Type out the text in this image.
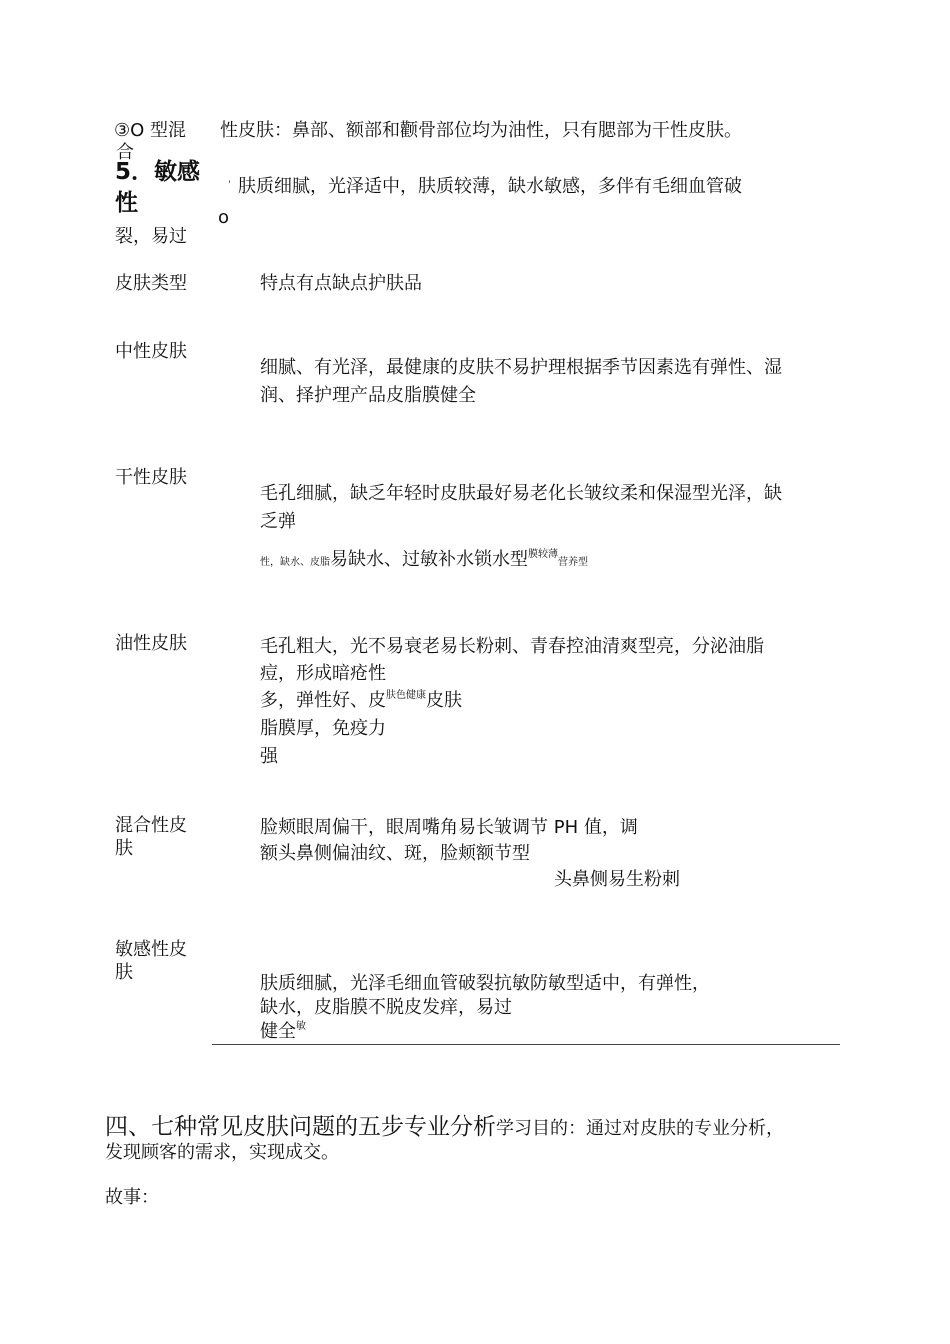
③O 型混
合
性皮肤：鼻部、额部和颧骨部位均为油性，只有腮部为干性皮肤。
5．敏感
性
ˈ 肤质细腻，光泽适中，肤质较薄，缺水敏感，多伴有毛细血管破
o
裂，易过
皮肤类型	特点有点缺点护肤品
中性皮肤
细腻、有光泽，最健康的皮肤不易护理根据季节因素选有弹性、湿
润、择护理产品皮脂膜健全
干性皮肤
毛孔细腻，缺乏年轻时皮肤最好易老化长皱纹柔和保湿型光泽，缺
乏弹
性，缺水、皮脂易缺水、过敏补水锁水型$^{膜较薄}$营养型
油性皮肤	毛孔粗大，光不易衰老易长粉刺、青春控油清爽型亮，分泌油脂
痘，形成暗疮性
多，弹性好、皮$^{肤色健康}$皮肤
脂膜厚，免疫力
强
混合性皮
肤
脸颊眼周偏干，眼周嘴角易长皱调节 PH 值，调
额头鼻侧偏油纹、斑，脸颊额节型
头鼻侧易生粉刺
敏感性皮
肤
肤质细腻，光泽毛细血管破裂抗敏防敏型适中，有弹性，
缺水，皮脂膜不脱皮发痒，易过
健全$^敏$
四、七种常见皮肤问题的五步专业分析学习目的：通过对皮肤的专业分析，
发现顾客的需求，实现成交。
故事：
